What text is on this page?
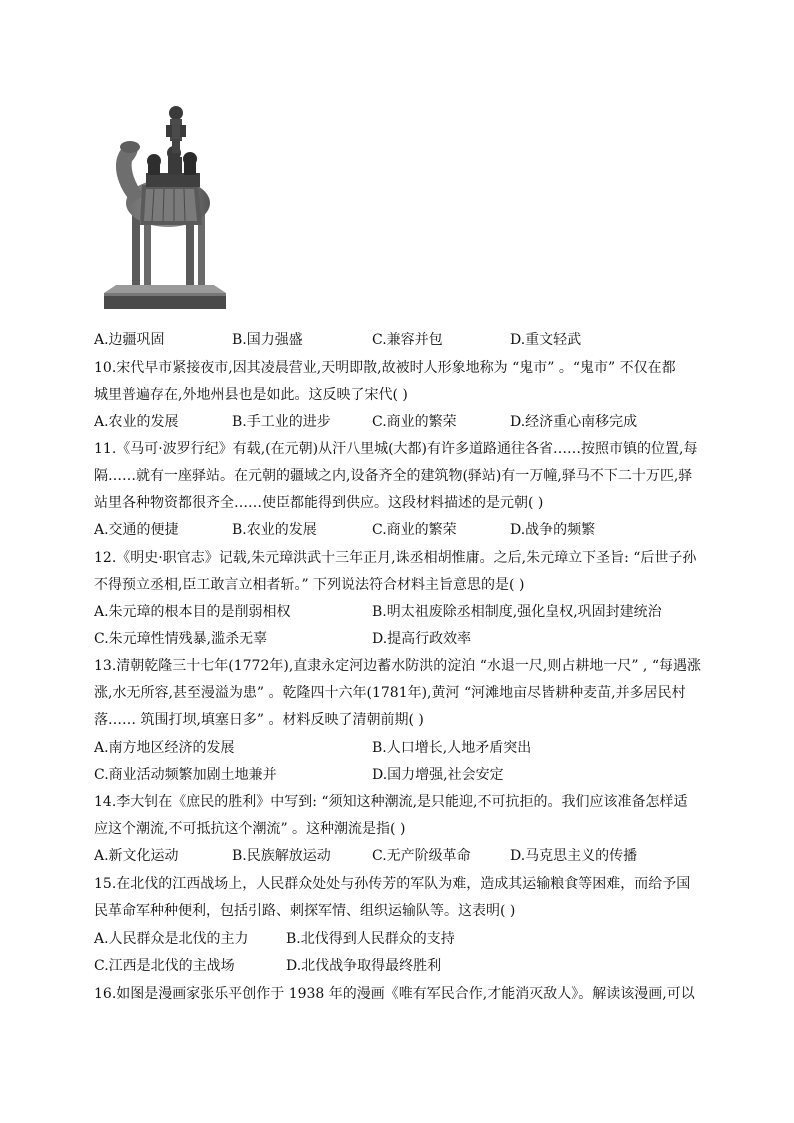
A.边疆巩固	B.国力强盛	C.兼容并包	D.重文轻武
10.宋代早市紧接夜市,因其凌晨营业,天明即散,故被时人形象地称为 “鬼市” 。“鬼市” 不仅在都
城里普遍存在,外地州县也是如此。这反映了宋代( )
A.农业的发展	B.手工业的进步	C.商业的繁荣	D.经济重心南移完成
11.《马可·波罗行纪》有载,(在元朝)从汗八里城(大都)有许多道路通往各省……按照市镇的位置,每
隔……就有一座驿站。在元朝的疆域之内,设备齐全的建筑物(驿站)有一万幢,驿马不下二十万匹,驿
站里各种物资都很齐全……使臣都能得到供应。这段材料描述的是元朝( )
A.交通的便捷	B.农业的发展	C.商业的繁荣	D.战争的频繁
12.《明史·职官志》记载,朱元璋洪武十三年正月,诛丞相胡惟庸。之后,朱元璋立下圣旨: “后世子孙
不得预立丞相,臣工敢言立相者斩。” 下列说法符合材料主旨意思的是( )
A.朱元璋的根本目的是削弱相权	B.明太祖废除丞相制度,强化皇权,巩固封建统治
C.朱元璋性情残暴,滥杀无辜	D.提高行政效率
13.清朝乾隆三十七年(1772年),直隶永定河边蓄水防洪的淀泊 “水退一尺,则占耕地一尺” , “每遇涨
涨,水无所容,甚至漫溢为患” 。乾隆四十六年(1781年),黄河 “河滩地亩尽皆耕种麦苗,并多居民村
落…… 筑围打坝,填塞日多” 。材料反映了清朝前期( )
A.南方地区经济的发展	B.人口增长,人地矛盾突出
C.商业活动频繁加剧土地兼并	D.国力增强,社会安定
14.李大钊在《庶民的胜利》中写到: “须知这种潮流,是只能迎,不可抗拒的。我们应该准备怎样适
应这个潮流,不可抵抗这个潮流” 。这种潮流是指( )
A.新文化运动	B.民族解放运动	C.无产阶级革命	D.马克思主义的传播
15.在北伐的江西战场上，人民群众处处与孙传芳的军队为难，造成其运输粮食等困难，而给予国
民革命军种种便利，包括引路、刺探军情、组织运输队等。这表明( )
A.人民群众是北伐的主力	B.北伐得到人民群众的支持
C.江西是北伐的主战场	D.北伐战争取得最终胜利
16.如图是漫画家张乐平创作于 1938 年的漫画《唯有军民合作,才能消灭敌人》。解读该漫画,可以
